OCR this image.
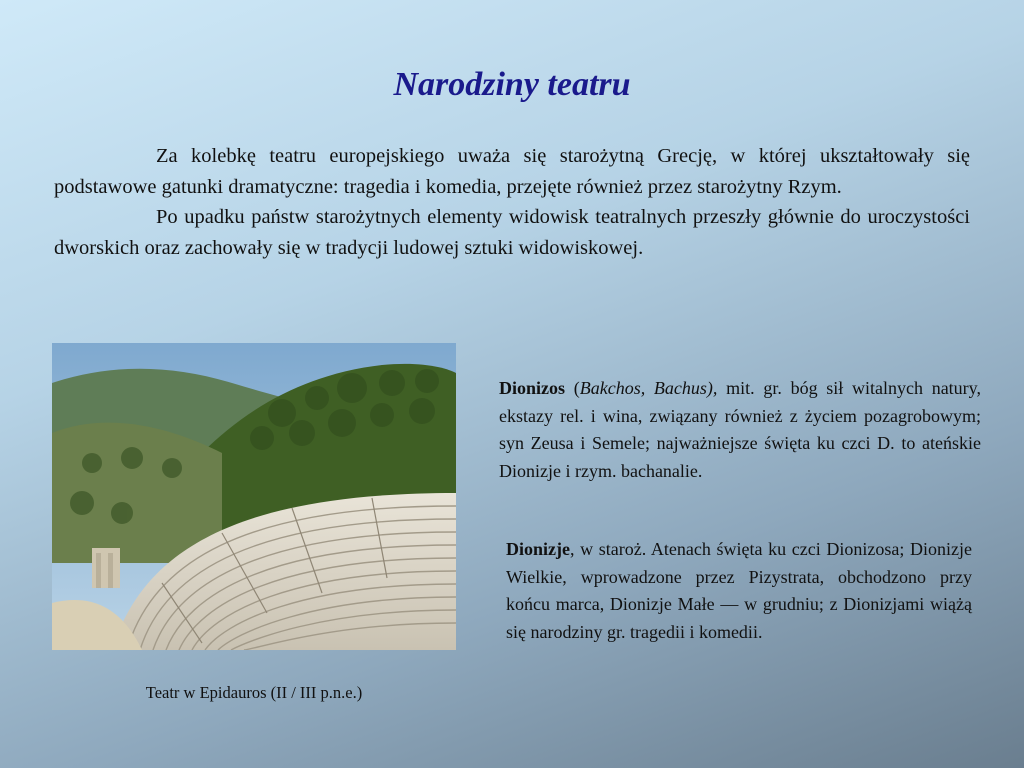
Narodziny teatru

Za kolebkę teatru europejskiego uważa się starożytną Grecję, w której ukształtowały się podstawowe gatunki dramatyczne: tragedia i komedia, przejęte również przez starożytny Rzym.

Po upadku państw starożytnych elementy widowisk teatralnych przeszły głównie do uroczystości dworskich oraz zachowały się w tradycji ludowej sztuki widowiskowej.

Teatr w Epidauros (II / III p.n.e.)

Dionizos (Bakchos, Bachus), mit. gr. bóg sił witalnych natury, ekstazy rel. i wina, związany również z życiem pozagrobowym; syn Zeusa i Semele; najważniejsze święta ku czci D. to ateńskie Dionizje i rzym. bachanalie.

Dionizje, w staroż. Atenach święta ku czci Dionizosa; Dionizje Wielkie, wprowadzone przez Pizystrata, obchodzono przy końcu marca, Dionizje Małe — w grudniu; z Dionizjami wiążą się narodziny gr. tragedii i komedii.
